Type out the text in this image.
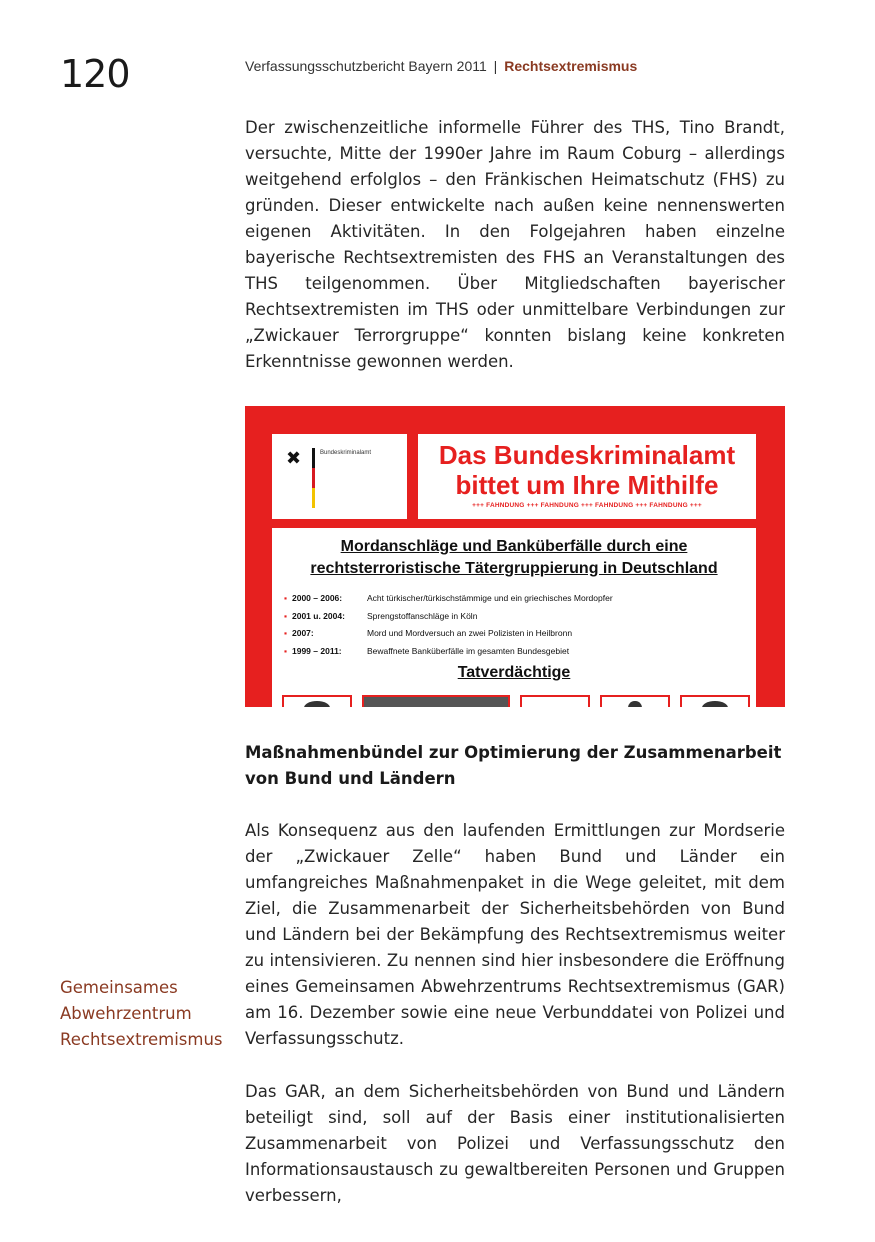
120	Verfassungsschutzbericht Bayern 2011 | Rechtsextremismus

Der zwischenzeitliche informelle Führer des THS, Tino Brandt, versuchte, Mitte der 1990er Jahre im Raum Coburg – allerdings weitgehend erfolglos – den Fränkischen Heimatschutz (FHS) zu gründen. Dieser entwickelte nach außen keine nennenswerten eigenen Aktivitäten. In den Folgejahren haben einzelne bayerische Rechtsextremisten des FHS an Veranstaltungen des THS teilgenommen. Über Mitgliedschaften bayerischer Rechtsextremisten im THS oder unmittelbare Verbindungen zur „Zwickauer Terrorgruppe“ konnten bislang keine konkreten Erkenntnisse gewonnen werden.

✖	Bundeskriminalamt	Das Bundeskriminalamt
bittet um Ihre Mithilfe
+++ FAHNDUNG +++ FAHNDUNG +++ FAHNDUNG +++ FAHNDUNG +++
Mordanschläge und Banküberfälle durch eine
rechtsterroristische Tätergruppierung in Deutschland
▪ 2000 – 2006:	Acht türkischer/türkischstämmige und ein griechisches Mordopfer
▪ 2001 u. 2004:	Sprengstoffanschläge in Köln
▪ 2007:	Mord und Mordversuch an zwei Polizisten in Heilbronn
▪ 1999 – 2011:	Bewaffnete Banküberfälle im gesamten Bundesgebiet
Tatverdächtige
Maßnahmenbündel zur Optimierung der Zusammenarbeit von Bund und Ländern

Als Konsequenz aus den laufenden Ermittlungen zur Mordserie der „Zwickauer Zelle“ haben Bund und Länder ein umfangreiches Maßnahmenpaket in die Wege geleitet, mit dem Ziel, die Zusammenarbeit der Sicherheitsbehörden von Bund und Ländern bei der Bekämpfung des Rechtsextremismus weiter zu intensivieren. Zu nennen sind hier insbesondere die Eröffnung eines Gemeinsamen Abwehrzentrums Rechtsextremismus (GAR) am 16. Dezember sowie eine neue Verbunddatei von Polizei und Verfassungsschutz.

Gemeinsames
Abwehrzentrum
Rechtsextremismus

Das GAR, an dem Sicherheitsbehörden von Bund und Ländern beteiligt sind, soll auf der Basis einer institutionalisierten Zusammenarbeit von Polizei und Verfassungsschutz den Informationsaustausch zu gewaltbereiten Personen und Gruppen verbessern,
